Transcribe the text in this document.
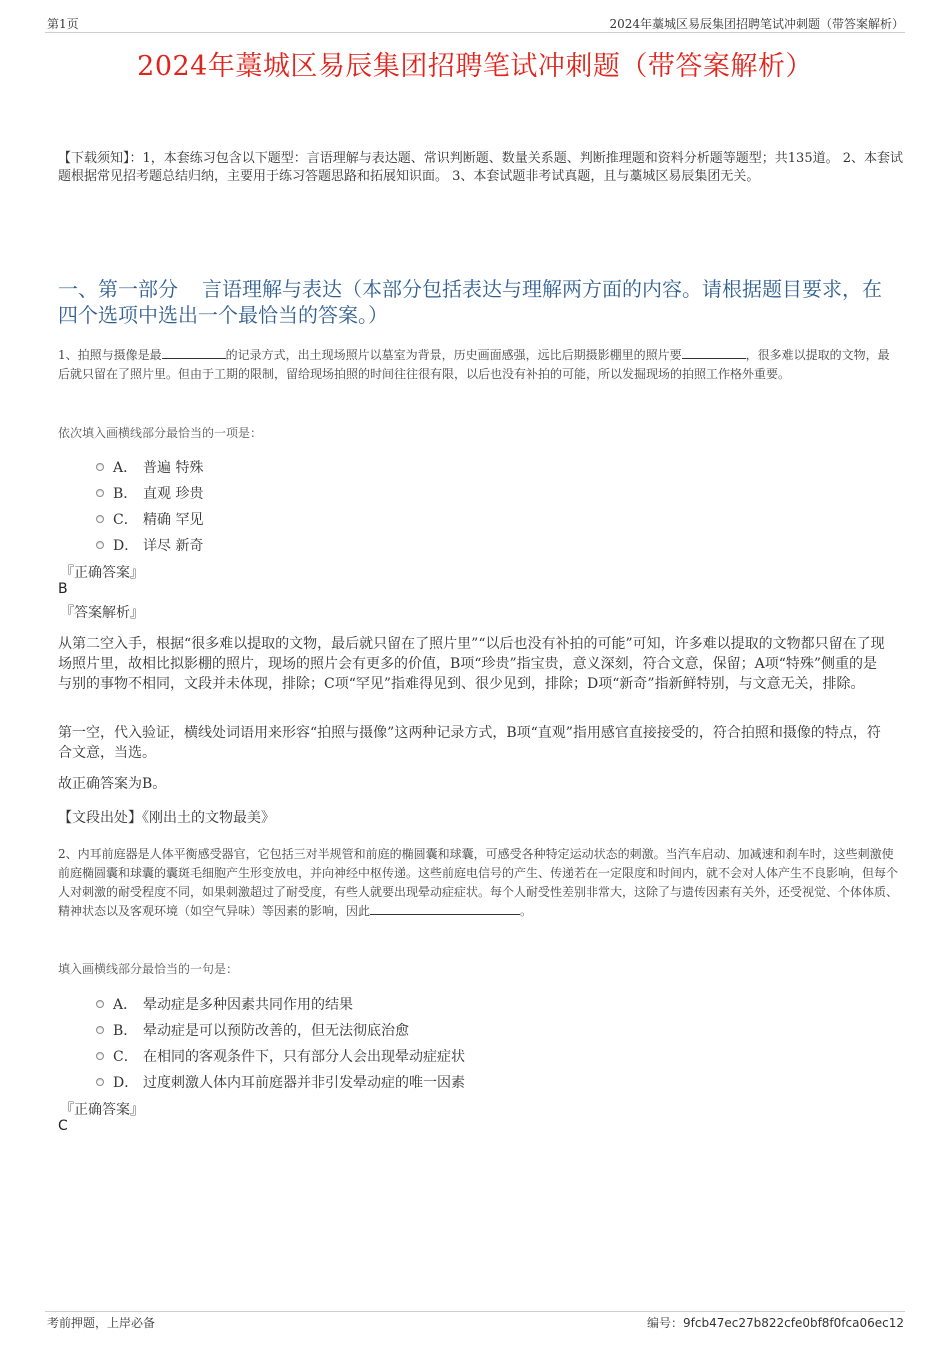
第1页	2024年藁城区易辰集团招聘笔试冲刺题（带答案解析）
2024年藁城区易辰集团招聘笔试冲刺题（带答案解析）
【下载须知】：1，本套练习包含以下题型：言语理解与表达题、常识判断题、数量关系题、判断推理题和资料分析题等题型；共135道。 2、本套试题根据常见招考题总结归纳，主要用于练习答题思路和拓展知识面。 3、本套试题非考试真题，且与藁城区易辰集团无关。
一、第一部分 言语理解与表达（本部分包括表达与理解两方面的内容。请根据题目要求，在四个选项中选出一个最恰当的答案。）
1、拍照与摄像是最	的记录方式，出土现场照片以墓室为背景，历史画面感强，远比后期摄影棚里的照片要	，很多难以提取的文物，最后就只留在了照片里。但由于工期的限制，留给现场拍照的时间往往很有限，以后也没有补拍的可能，所以发掘现场的拍照工作格外重要。
依次填入画横线部分最恰当的一项是：
A． 普遍 特殊
B． 直观 珍贵
C． 精确 罕见
D． 详尽 新奇
『正确答案』
B
『答案解析』
从第二空入手，根据“很多难以提取的文物，最后就只留在了照片里”“以后也没有补拍的可能”可知，许多难以提取的文物都只留在了现场照片里，故相比拟影棚的照片，现场的照片会有更多的价值，B项“珍贵”指宝贵，意义深刻，符合文意，保留；A项“特殊”侧重的是与别的事物不相同，文段并未体现，排除；C项“罕见”指难得见到、很少见到，排除；D项“新奇”指新鲜特别，与文意无关，排除。
第一空，代入验证，横线处词语用来形容“拍照与摄像”这两种记录方式，B项“直观”指用感官直接接受的，符合拍照和摄像的特点，符合文意，当选。
故正确答案为B。
【文段出处】《刚出土的文物最美》
2、内耳前庭器是人体平衡感受器官，它包括三对半规管和前庭的椭圆囊和球囊，可感受各种特定运动状态的刺激。当汽车启动、加减速和刹车时，这些刺激使前庭椭圆囊和球囊的囊斑毛细胞产生形变放电，并向神经中枢传递。这些前庭电信号的产生、传递若在一定限度和时间内，就不会对人体产生不良影响，但每个人对刺激的耐受程度不同，如果刺激超过了耐受度，有些人就要出现晕动症症状。每个人耐受性差别非常大，这除了与遗传因素有关外，还受视觉、个体体质、精神状态以及客观环境（如空气异味）等因素的影响，因此	。
填入画横线部分最恰当的一句是：
A． 晕动症是多种因素共同作用的结果
B． 晕动症是可以预防改善的，但无法彻底治愈
C． 在相同的客观条件下，只有部分人会出现晕动症症状
D． 过度刺激人体内耳前庭器并非引发晕动症的唯一因素
『正确答案』
C
考前押题，上岸必备	编号：9fcb47ec27b822cfe0bf8f0fca06ec12
